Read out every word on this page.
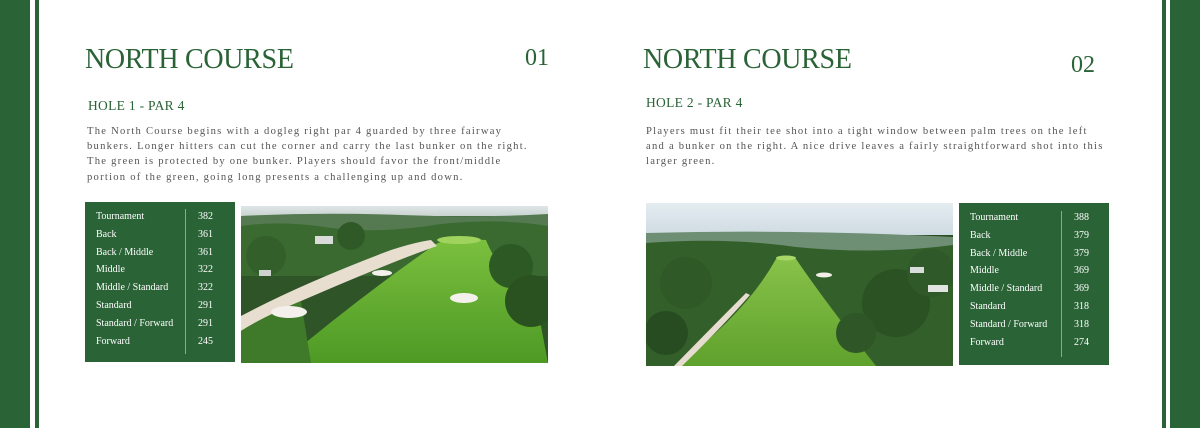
NORTH COURSE	01
HOLE 1 - PAR 4

The North Course begins with a dogleg right par 4 guarded by three fairway bunkers. Longer hitters can cut the corner and carry the last bunker on the right. The green is protected by one bunker. Players should favor the front/middle portion of the green, going long presents a challenging up and down.

Tournament	382
Back	361
Back / Middle	361
Middle	322
Middle / Standard	322
Standard	291
Standard / Forward 291
Forward	245
NORTH COURSE	02
HOLE 2 - PAR 4

Players must fit their tee shot into a tight window between palm trees on the left and a bunker on the right. A nice drive leaves a fairly straightforward shot into this larger green.

Tournament	388
Back	379
Back / Middle	379
Middle	369
Middle / Standard	369
Standard	318
Standard / Forward	318
Forward	274
